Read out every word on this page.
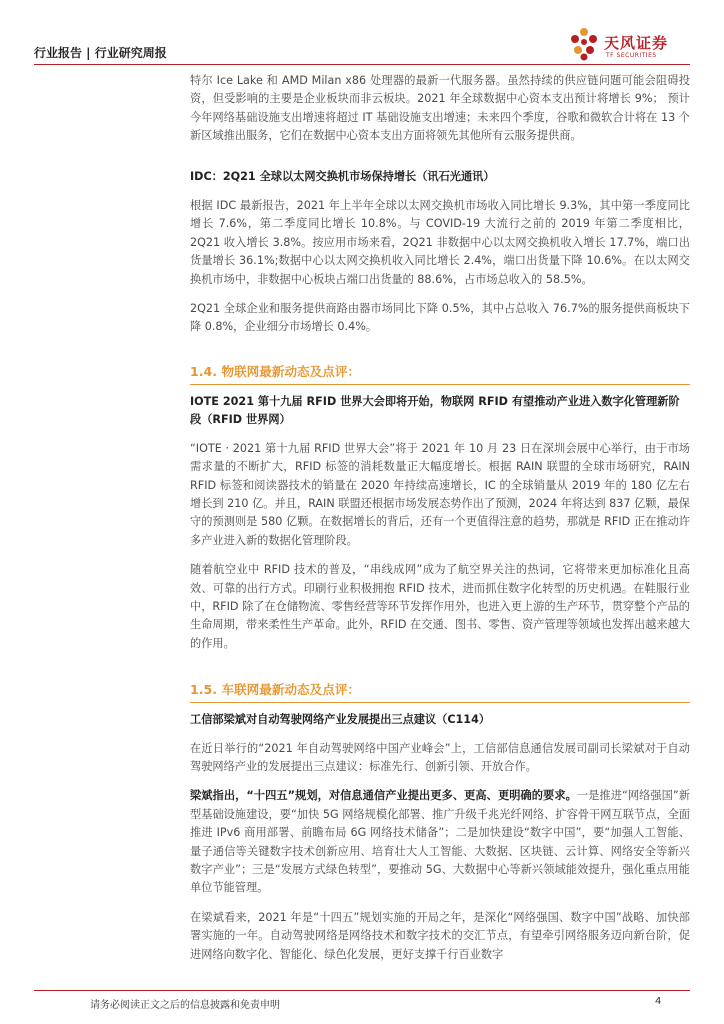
行业报告 | 行业研究周报
天风证券
TF SECURITIES

特尔 Ice Lake 和 AMD Milan x86 处理器的最新一代服务器。虽然持续的供应链问题可能会阻碍投资，但受影响的主要是企业板块而非云板块。2021 年全球数据中心资本支出预计将增长 9%； 预计今年网络基础设施支出增速将超过 IT 基础设施支出增速；未来四个季度，谷歌和微软合计将在 13 个新区域推出服务，它们在数据中心资本支出方面将领先其他所有云服务提供商。

IDC：2Q21 全球以太网交换机市场保持增长（讯石光通讯）

根据 IDC 最新报告，2021 年上半年全球以太网交换机市场收入同比增长 9.3%，其中第一季度同比增长 7.6%，第二季度同比增长 10.8%。与 COVID-19 大流行之前的 2019 年第二季度相比，2Q21 收入增长 3.8%。按应用市场来看，2Q21 非数据中心以太网交换机收入增长 17.7%，端口出货量增长 36.1%;数据中心以太网交换机收入同比增长 2.4%，端口出货量下降 10.6%。在以太网交换机市场中，非数据中心板块占端口出货量的 88.6%，占市场总收入的 58.5%。

2Q21 全球企业和服务提供商路由器市场同比下降 0.5%，其中占总收入 76.7%的服务提供商板块下降 0.8%，企业细分市场增长 0.4%。

1.4. 物联网最新动态及点评：
IOTE 2021 第十九届 RFID 世界大会即将开始，物联网 RFID 有望推动产业进入数字化管理新阶段（RFID 世界网）

“IOTE · 2021 第十九届 RFID 世界大会”将于 2021 年 10 月 23 日在深圳会展中心举行，由于市场需求量的不断扩大，RFID 标签的消耗数量正大幅度增长。根据 RAIN 联盟的全球市场研究，RAIN RFID 标签和阅读器技术的销量在 2020 年持续高速增长，IC 的全球销量从 2019 年的 180 亿左右增长到 210 亿。并且，RAIN 联盟还根据市场发展态势作出了预测，2024 年将达到 837 亿颗，最保守的预测则是 580 亿颗。在数据增长的背后，还有一个更值得注意的趋势，那就是 RFID 正在推动许多产业进入新的数据化管理阶段。

随着航空业中 RFID 技术的普及，“串线成网”成为了航空界关注的热词，它将带来更加标准化且高效、可靠的出行方式。印刷行业积极拥抱 RFID 技术，进而抓住数字化转型的历史机遇。在鞋服行业中，RFID 除了在仓储物流、零售经营等环节发挥作用外，也进入更上游的生产环节，贯穿整个产品的生命周期，带来柔性生产革命。此外，RFID 在交通、图书、零售、资产管理等领域也发挥出越来越大的作用。

1.5. 车联网最新动态及点评：
工信部梁斌对自动驾驶网络产业发展提出三点建议（C114）

在近日举行的“2021 年自动驾驶网络中国产业峰会”上，工信部信息通信发展司副司长梁斌对于自动驾驶网络产业的发展提出三点建议：标准先行、创新引领、开放合作。

梁斌指出，“十四五”规划，对信息通信产业提出更多、更高、更明确的要求。一是推进“网络强国”新型基础设施建设，要“加快 5G 网络规模化部署、推广升级千兆光纤网络、扩容骨干网互联节点，全面推进 IPv6 商用部署、前瞻布局 6G 网络技术储备”；二是加快建设“数字中国”，要“加强人工智能、量子通信等关键数字技术创新应用、培育壮大人工智能、大数据、区块链、云计算、网络安全等新兴数字产业”；三是“发展方式绿色转型”，要推动 5G、大数据中心等新兴领域能效提升，强化重点用能单位节能管理。

在梁斌看来，2021 年是“十四五”规划实施的开局之年，是深化“网络强国、数字中国”战略、加快部署实施的一年。自动驾驶网络是网络技术和数字技术的交汇节点，有望牵引网络服务迈向新台阶，促进网络向数字化、智能化、绿色化发展，更好支撑千行百业数字

请务必阅读正文之后的信息披露和免责申明	4
